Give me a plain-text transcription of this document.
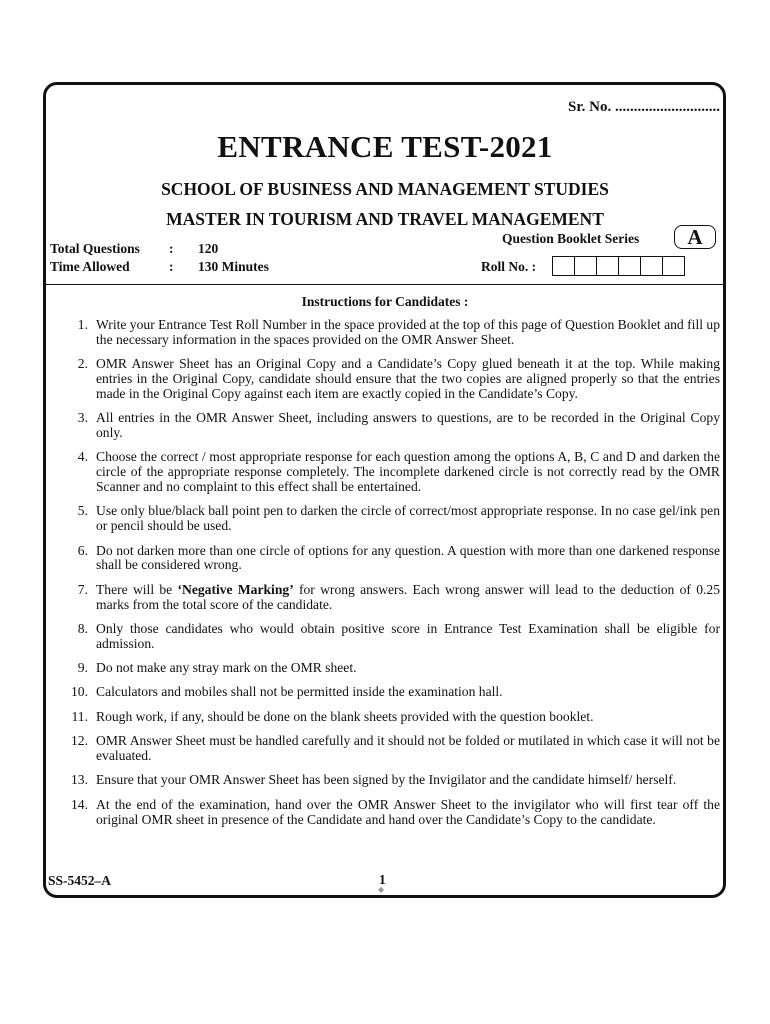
Sr. No. ............................
ENTRANCE TEST-2021
SCHOOL OF BUSINESS AND MANAGEMENT STUDIES
MASTER IN TOURISM AND TRAVEL MANAGEMENT
Total Questions : 120
Time Allowed	: 130 Minutes
Question Booklet Series	A
Roll No. :
Instructions for Candidates :
1. Write your Entrance Test Roll Number in the space provided at the top of this page of Question Booklet and fill up the necessary information in the spaces provided on the OMR Answer Sheet.
2. OMR Answer Sheet has an Original Copy and a Candidate’s Copy glued beneath it at the top. While making entries in the Original Copy, candidate should ensure that the two copies are aligned properly so that the entries made in the Original Copy against each item are exactly copied in the Candidate’s Copy.
3. All entries in the OMR Answer Sheet, including answers to questions, are to be recorded in the Original Copy only.
4. Choose the correct / most appropriate response for each question among the options A, B, C and D and darken the circle of the appropriate response completely. The incomplete darkened circle is not correctly read by the OMR Scanner and no complaint to this effect shall be entertained.
5. Use only blue/black ball point pen to darken the circle of correct/most appropriate response. In no case gel/ink pen or pencil should be used.
6. Do not darken more than one circle of options for any question. A question with more than one darkened response shall be considered wrong.
7. There will be ‘Negative Marking’ for wrong answers. Each wrong answer will lead to the deduction of 0.25 marks from the total score of the candidate.
8. Only those candidates who would obtain positive score in Entrance Test Examination shall be eligible for admission.
9. Do not make any stray mark on the OMR sheet.
10. Calculators and mobiles shall not be permitted inside the examination hall.
11. Rough work, if any, should be done on the blank sheets provided with the question booklet.
12. OMR Answer Sheet must be handled carefully and it should not be folded or mutilated in which case it will not be evaluated.
13. Ensure that your OMR Answer Sheet has been signed by the Invigilator and the candidate himself/ herself.
14. At the end of the examination, hand over the OMR Answer Sheet to the invigilator who will first tear off the original OMR sheet in presence of the Candidate and hand over the Candidate’s Copy to the candidate.
SS-5452–A	1
◆
